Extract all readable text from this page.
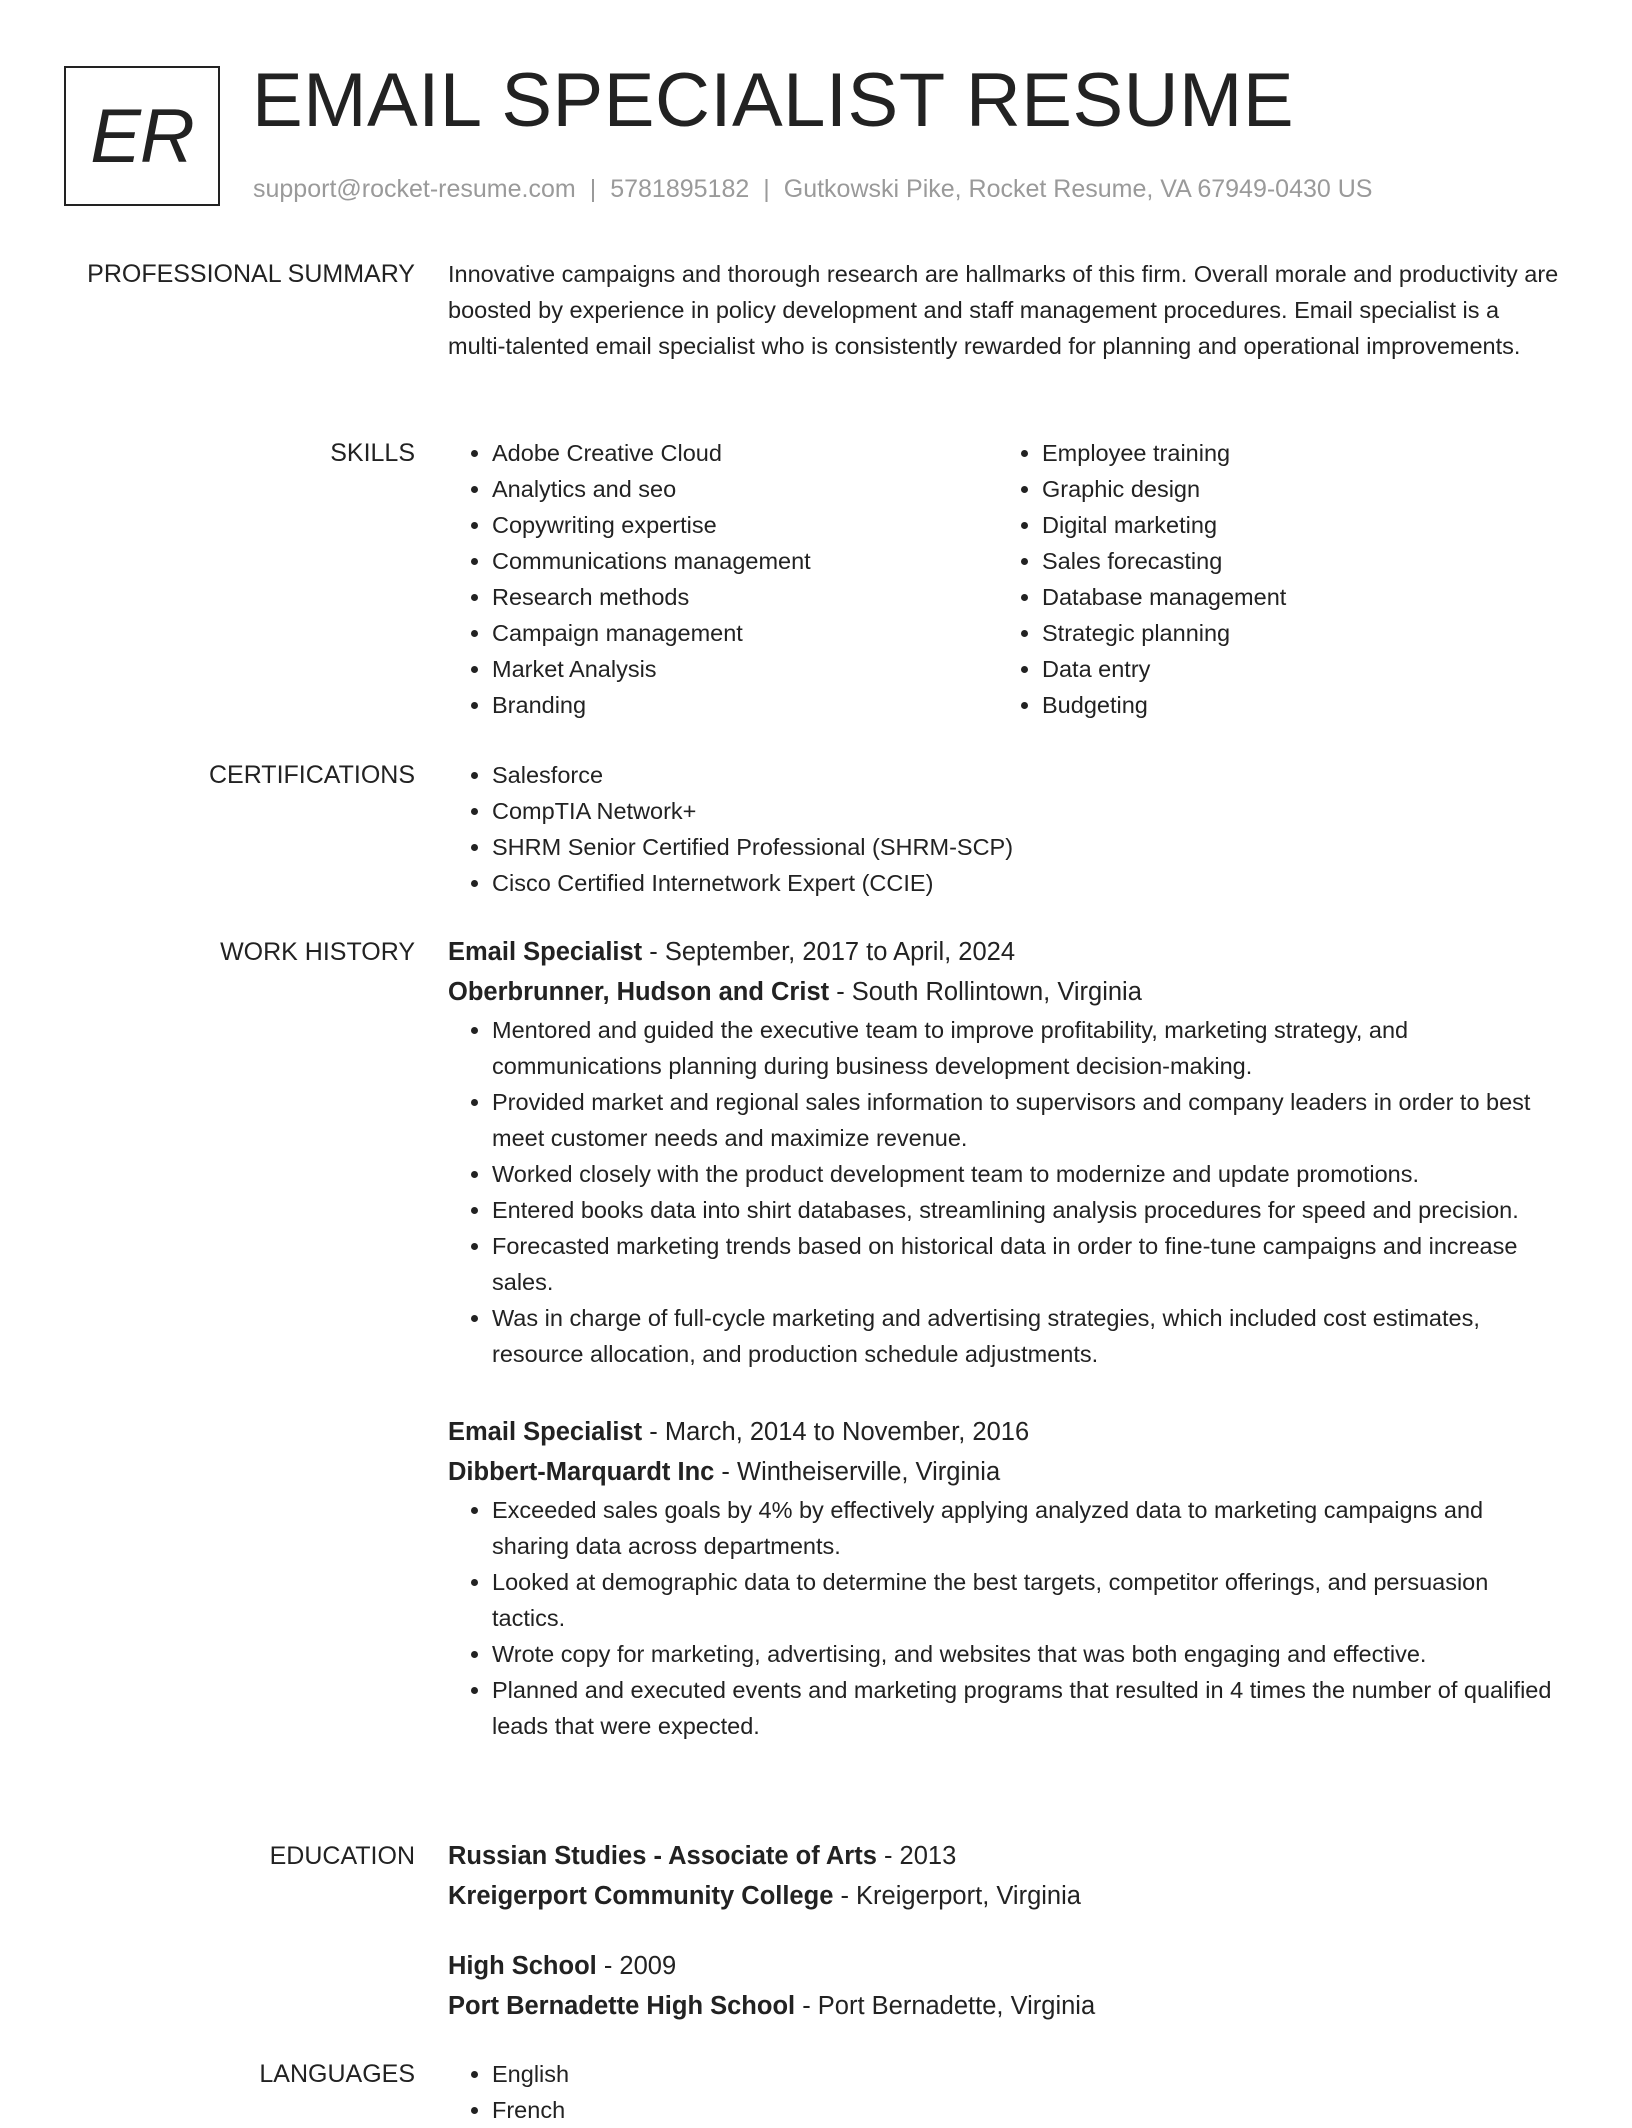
ER EMAIL SPECIALIST RESUME
support@rocket-resume.com | 5781895182 | Gutkowski Pike, Rocket Resume, VA 67949-0430 US
PROFESSIONAL SUMMARY Innovative campaigns and thorough research are hallmarks of this firm. Overall morale and productivity are boosted by experience in policy development and staff management procedures. Email specialist is a multi-talented email specialist who is consistently rewarded for planning and operational improvements.

SKILLS	• Adobe Creative Cloud
• Analytics and seo
• Copywriting expertise
• Communications management
• Research methods
• Campaign management
• Market Analysis
• Branding
• Employee training
• Graphic design
• Digital marketing
• Sales forecasting
• Database management
• Strategic planning
• Data entry
• Budgeting
CERTIFICATIONS	• Salesforce
• CompTIA Network+
• SHRM Senior Certified Professional (SHRM-SCP)
• Cisco Certified Internetwork Expert (CCIE)
WORK HISTORY Email Specialist - September, 2017 to April, 2024
Oberbrunner, Hudson and Crist - South Rollintown, Virginia
• Mentored and guided the executive team to improve profitability, marketing strategy, and communications planning during business development decision-making.
• Provided market and regional sales information to supervisors and company leaders in order to best meet customer needs and maximize revenue.
• Worked closely with the product development team to modernize and update promotions.
• Entered books data into shirt databases, streamlining analysis procedures for speed and precision.
• Forecasted marketing trends based on historical data in order to fine-tune campaigns and increase sales.
• Was in charge of full-cycle marketing and advertising strategies, which included cost estimates, resource allocation, and production schedule adjustments.
Email Specialist - March, 2014 to November, 2016
Dibbert-Marquardt Inc - Wintheiserville, Virginia
• Exceeded sales goals by 4% by effectively applying analyzed data to marketing campaigns and sharing data across departments.
• Looked at demographic data to determine the best targets, competitor offerings, and persuasion tactics.
• Wrote copy for marketing, advertising, and websites that was both engaging and effective.
• Planned and executed events and marketing programs that resulted in 4 times the number of qualified leads that were expected.
EDUCATION Russian Studies - Associate of Arts - 2013
Kreigerport Community College - Kreigerport, Virginia
High School - 2009
Port Bernadette High School - Port Bernadette, Virginia
LANGUAGES	• English
• French
